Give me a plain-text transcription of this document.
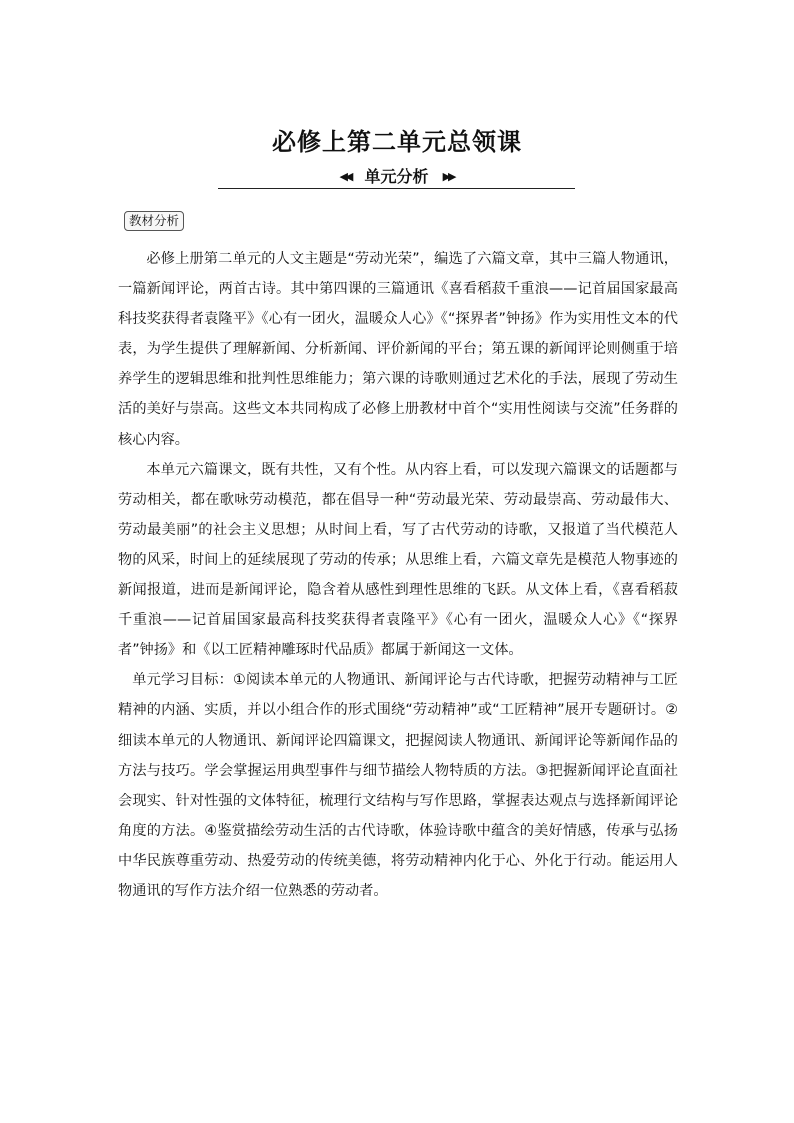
必修上第二单元总领课
◀◀ 单元分析 ▶▶
教材分析

必修上册第二单元的人文主题是“劳动光荣”，编选了六篇文章，其中三篇人物通讯，一篇新闻评论，两首古诗。其中第四课的三篇通讯《喜看稻菽千重浪——记首届国家最高科技奖获得者袁隆平》《心有一团火，温暖众人心》《“探界者”钟扬》作为实用性文本的代表，为学生提供了理解新闻、分析新闻、评价新闻的平台；第五课的新闻评论则侧重于培养学生的逻辑思维和批判性思维能力；第六课的诗歌则通过艺术化的手法，展现了劳动生活的美好与崇高。这些文本共同构成了必修上册教材中首个“实用性阅读与交流”任务群的核心内容。

本单元六篇课文，既有共性，又有个性。从内容上看，可以发现六篇课文的话题都与劳动相关，都在歌咏劳动模范，都在倡导一种“劳动最光荣、劳动最崇高、劳动最伟大、劳动最美丽”的社会主义思想；从时间上看，写了古代劳动的诗歌，又报道了当代模范人物的风采，时间上的延续展现了劳动的传承；从思维上看，六篇文章先是模范人物事迹的新闻报道，进而是新闻评论，隐含着从感性到理性思维的飞跃。从文体上看，《喜看稻菽千重浪——记首届国家最高科技奖获得者袁隆平》《心有一团火，温暖众人心》《“探界者”钟扬》和《以工匠精神雕琢时代品质》都属于新闻这一文体。

单元学习目标：①阅读本单元的人物通讯、新闻评论与古代诗歌，把握劳动精神与工匠精神的内涵、实质，并以小组合作的形式围绕“劳动精神”或“工匠精神”展开专题研讨。②细读本单元的人物通讯、新闻评论四篇课文，把握阅读人物通讯、新闻评论等新闻作品的方法与技巧。学会掌握运用典型事件与细节描绘人物特质的方法。③把握新闻评论直面社会现实、针对性强的文体特征，梳理行文结构与写作思路，掌握表达观点与选择新闻评论角度的方法。④鉴赏描绘劳动生活的古代诗歌，体验诗歌中蕴含的美好情感，传承与弘扬中华民族尊重劳动、热爱劳动的传统美德，将劳动精神内化于心、外化于行动。能运用人物通讯的写作方法介绍一位熟悉的劳动者。
